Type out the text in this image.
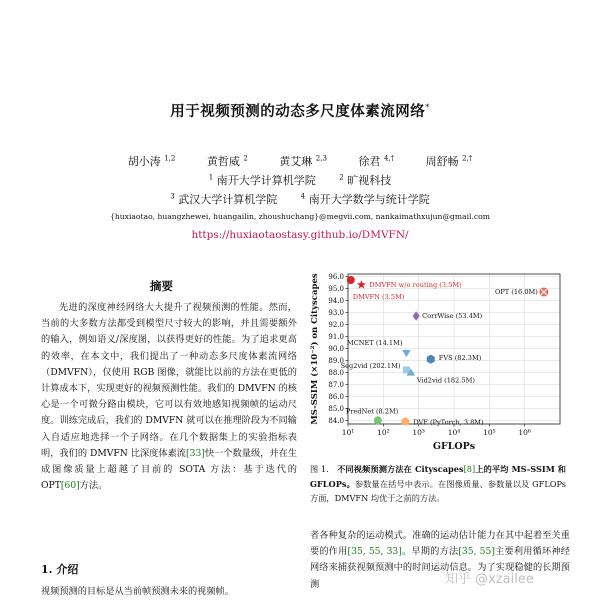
用于视频预测的动态多尺度体素流网络*
胡小涛 $^{1,2}$	黄哲威 $^2$	黄艾琳 $^{2,3}$	徐君 $^{4,\dagger}$	周舒畅 $^{2,\dagger}$
$^1$ 南开大学计算机学院	$^2$ 旷视科技
$^3$ 武汉大学计算机学院	$^4$ 南开大学数学与统计学院
{huxiaotao, huangzhewei, huangailin, zhoushuchang}@megvii.com, nankaimathxujun@gmail.com
https://huxiaotaostasy.github.io/DMVFN/
摘要
先进的深度神经网络大大提升了视频预测的性能。然而，当前的大多数方法都受到模型尺寸较大的影响，并且需要额外的输入，例如语义/深度图，以获得更好的性能。为了追求更高的效率，在本文中，我们提出了一种动态多尺度体素流网络（DMVFN），仅使用 RGB 图像，就能比以前的方法在更低的计算成本下，实现更好的视频预测性能。我们的 DMVFN 的核心是一个可微分路由模块，它可以有效地感知视频帧的运动尺度。训练完成后，我们的 DMVFN 就可以在推理阶段为不同输入自适应地选择一个子网络。在几个数据集上的实验指标表明，我们的 DMVFN 比深度体素流[33]快一个数量级，并在生成图像质量上超越了目前的 SOTA 方法：基于迭代的 OPT[60]方法。
1. 介绍
视频预测的目标是从当前帧预测未来的视频帧。
84.0
85.0
86.0
87.0
88.0
89.0
90.0
91.0
92.0
93.0
94.0
95.0
96.0
10¹	10²	10³	10⁴	10⁵	10⁶
GFLOPs
MS-SSIM (×10⁻²) on Cityscapes	DMVFN w/o routing (3.5M)
DMVFN (3.5M)
OPT (16.0M)
CorrWise (53.4M)
MCNET (14.1M)
FVS (82.3M)
Seg2vid (202.1M)
Vid2vid (182.5M)
PredNet (8.2M)
DVF (PyTorch, 3.8M)
图 1. 不同视频预测方法在 Cityscapes[8]上的平均 MS-SSIM 和 GFLOPs。参数量在括号中表示。在图像质量、参数量以及 GFLOPs 方面，DMVFN 均优于之前的方法。
者各种复杂的运动模式。准确的运动估计能力在其中起着至关重要的作用[35, 55, 33]。早期的方法[35, 55]主要利用循环神经网络来捕获视频预测中的时间运动信息。为了实现稳健的长期预测	知乎 @xzailee
